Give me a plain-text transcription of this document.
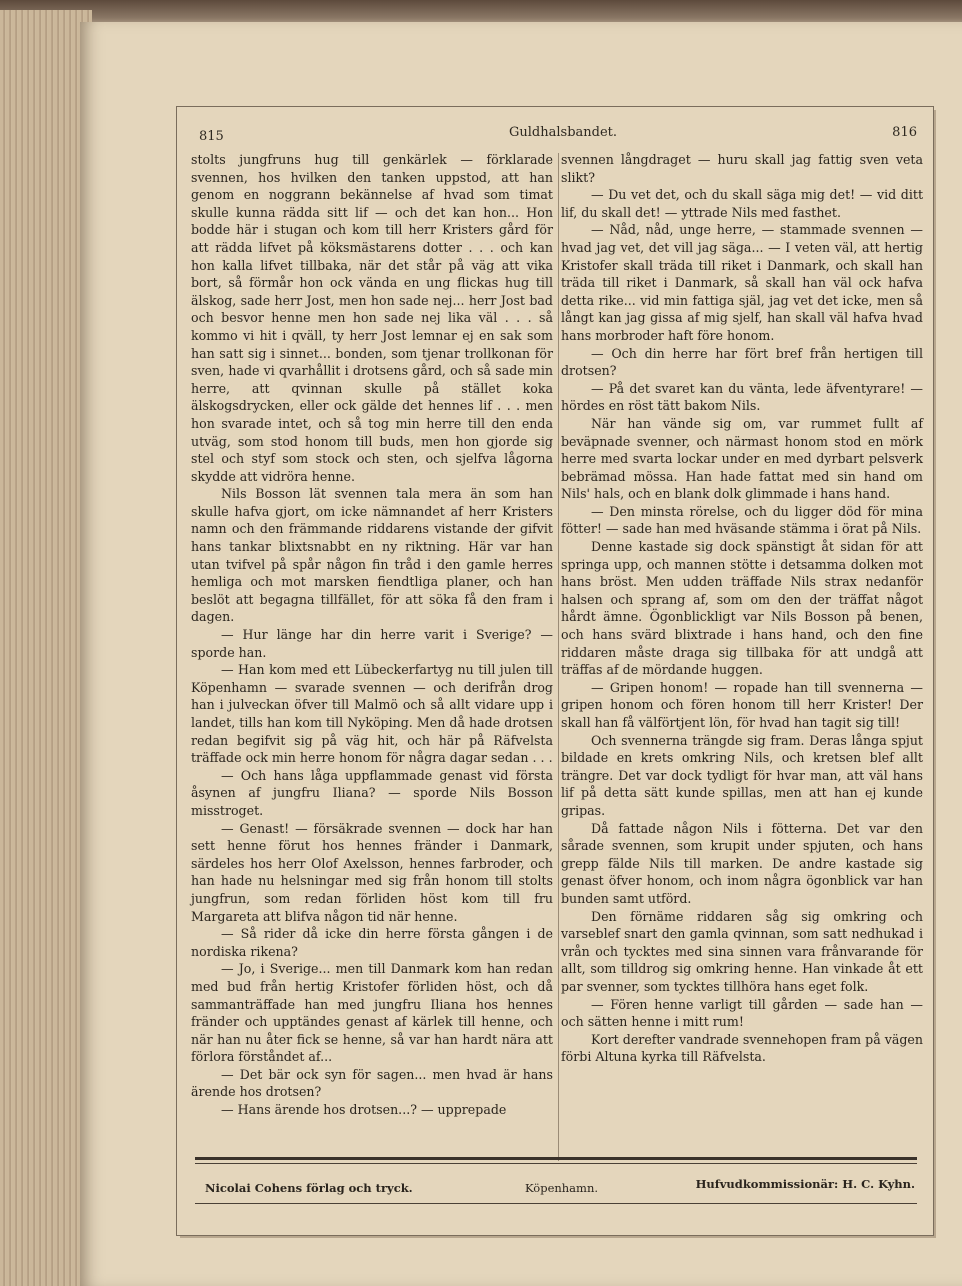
815	Guldhalsbandet.	816

stolts jungfruns hug till genkärlek — förklarade svennen, hos hvilken den tanken uppstod, att han genom en noggrann bekännelse af hvad som timat skulle kunna rädda sitt lif — och det kan hon... Hon bodde här i stugan och kom till herr Kristers gård för att rädda lifvet på köksmästarens dotter . . . och kan hon kalla lifvet tillbaka, när det står på väg att vika bort, så förmår hon ock vända en ung flickas hug till älskog, sade herr Jost, men hon sade nej... herr Jost bad och besvor henne men hon sade nej lika väl . . . så kommo vi hit i qväll, ty herr Jost lemnar ej en sak som han satt sig i sinnet... bonden, som tjenar trollkonan för sven, hade vi qvarhållit i drotsens gård, och så sade min herre, att qvinnan skulle på stället koka älskogsdrycken, eller ock gälde det hennes lif . . . men hon svarade intet, och så tog min herre till den enda utväg, som stod honom till buds, men hon gjorde sig stel och styf som stock och sten, och sjelfva lågorna skydde att vidröra henne.

Nils Bosson lät svennen tala mera än som han skulle hafva gjort, om icke nämnandet af herr Kristers namn och den främmande riddarens vistande der gifvit hans tankar blixtsnabbt en ny riktning. Här var han utan tvifvel på spår någon fin tråd i den gamle herres hemliga och mot marsken fiendtliga planer, och han beslöt att begagna tillfället, för att söka få den fram i dagen.

— Hur länge har din herre varit i Sverige? — sporde han.

— Han kom med ett Lübeckerfartyg nu till julen till Köpenhamn — svarade svennen — och derifrån drog han i julveckan öfver till Malmö och så allt vidare upp i landet, tills han kom till Nyköping. Men då hade drotsen redan begifvit sig på väg hit, och här på Räfvelsta träffade ock min herre honom för några dagar sedan . . .

— Och hans låga uppflammade genast vid första åsynen af jungfru Iliana? — sporde Nils Bosson misstroget.

— Genast! — försäkrade svennen — dock har han sett henne förut hos hennes fränder i Danmark, särdeles hos herr Olof Axelsson, hennes farbroder, och han hade nu helsningar med sig från honom till stolts jungfrun, som redan förliden höst kom till fru Margareta att blifva någon tid när henne.

— Så rider då icke din herre första gången i de nordiska rikena?

— Jo, i Sverige... men till Danmark kom han redan med bud från hertig Kristofer förliden höst, och då sammanträffade han med jungfru Iliana hos hennes fränder och upptändes genast af kärlek till henne, och när han nu åter fick se henne, så var han hardt nära att förlora förståndet af...

— Det bär ock syn för sagen... men hvad är hans ärende hos drotsen?

— Hans ärende hos drotsen...? — upprepade

svennen långdraget — huru skall jag fattig sven veta slikt?

— Du vet det, och du skall säga mig det! — vid ditt lif, du skall det! — yttrade Nils med fasthet.

— Nåd, nåd, unge herre, — stammade svennen — hvad jag vet, det vill jag säga... — I veten väl, att hertig Kristofer skall träda till riket i Danmark, och skall han träda till riket i Danmark, så skall han väl ock hafva detta rike... vid min fattiga själ, jag vet det icke, men så långt kan jag gissa af mig sjelf, han skall väl hafva hvad hans morbroder haft före honom.

— Och din herre har fört bref från hertigen till drotsen?

— På det svaret kan du vänta, lede äfventyrare! — hördes en röst tätt bakom Nils.

När han vände sig om, var rummet fullt af beväpnade svenner, och närmast honom stod en mörk herre med svarta lockar under en med dyrbart pelsverk bebrämad mössa. Han hade fattat med sin hand om Nils' hals, och en blank dolk glimmade i hans hand.

— Den minsta rörelse, och du ligger död för mina fötter! — sade han med hväsande stämma i örat på Nils.

Denne kastade sig dock spänstigt åt sidan för att springa upp, och mannen stötte i detsamma dolken mot hans bröst. Men udden träffade Nils strax nedanför halsen och sprang af, som om den der träffat något hårdt ämne. Ögonblickligt var Nils Bosson på benen, och hans svärd blixtrade i hans hand, och den fine riddaren måste draga sig tillbaka för att undgå att träffas af de mördande huggen.

— Gripen honom! — ropade han till svennerna — gripen honom och fören honom till herr Krister! Der skall han få välförtjent lön, för hvad han tagit sig till!

Och svennerna trängde sig fram. Deras långa spjut bildade en krets omkring Nils, och kretsen blef allt trängre. Det var dock tydligt för hvar man, att väl hans lif på detta sätt kunde spillas, men att han ej kunde gripas.

Då fattade någon Nils i fötterna. Det var den sårade svennen, som krupit under spjuten, och hans grepp fälde Nils till marken. De andre kastade sig genast öfver honom, och inom några ögonblick var han bunden samt utförd.

Den förnäme riddaren såg sig omkring och varseblef snart den gamla qvinnan, som satt nedhukad i vrån och tycktes med sina sinnen vara frånvarande för allt, som tilldrog sig omkring henne. Han vinkade åt ett par svenner, som tycktes tillhöra hans eget folk.

— Fören henne varligt till gården — sade han — och sätten henne i mitt rum!

Kort derefter vandrade svennehopen fram på vägen förbi Altuna kyrka till Räfvelsta.

Nicolai Cohens förlag och tryck.	Köpenhamn.	Hufvudkommissionär: H. C. Kyhn.
